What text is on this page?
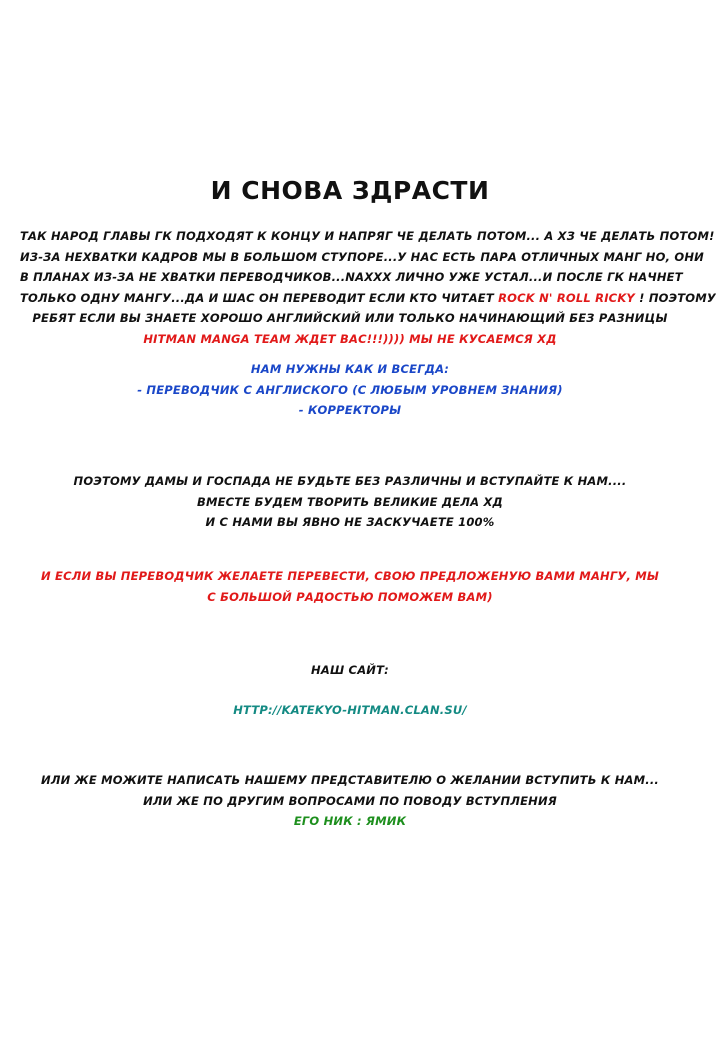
И СНОВА ЗДРАСТИ
ТАК НАРОД ГЛАВЫ ГК ПОДХОДЯТ К КОНЦУ И НАПРЯГ ЧЕ ДЕЛАТЬ ПОТОМ... А ХЗ ЧЕ ДЕЛАТЬ ПОТОМ!
ИЗ-ЗА НЕХВАТКИ КАДРОВ МЫ В БОЛЬШОМ СТУПОРЕ...У НАС ЕСТЬ ПАРА ОТЛИЧНЫХ МАНГ НО, ОНИ
В ПЛАНАХ ИЗ-ЗА НЕ ХВАТКИ ПЕРЕВОДЧИКОВ...NAXXX ЛИЧНО УЖЕ УСТАЛ...И ПОСЛЕ ГК НАЧНЕТ
ТОЛЬКО ОДНУ МАНГУ...ДА И ШАС ОН ПЕРЕВОДИТ ЕСЛИ КТО ЧИТАЕТ ROCK N' ROLL RICKY ! ПОЭТОМУ
РЕБЯТ ЕСЛИ ВЫ ЗНАЕТЕ ХОРОШО АНГЛИЙСКИЙ ИЛИ ТОЛЬКО НАЧИНАЮЩИЙ БЕЗ РАЗНИЦЫ
HITMAN MANGA TEAM ЖДЕТ ВАС!!!)))) МЫ НЕ КУСАЕМСЯ ХД
НАМ НУЖНЫ КАК И ВСЕГДА:
- ПЕРЕВОДЧИК С АНГЛИСКОГО (С ЛЮБЫМ УРОВНЕМ ЗНАНИЯ)
- КОРРЕКТОРЫ
ПОЭТОМУ ДАМЫ И ГОСПАДА НЕ БУДЬТЕ БЕЗ РАЗЛИЧНЫ И ВСТУПАЙТЕ К НАМ....
ВМЕСТЕ БУДЕМ ТВОРИТЬ ВЕЛИКИЕ ДЕЛА ХД
И С НАМИ ВЫ ЯВНО НЕ ЗАСКУЧАЕТЕ 100%
И ЕСЛИ ВЫ ПЕРЕВОДЧИК ЖЕЛАЕТЕ ПЕРЕВЕСТИ, СВОЮ ПРЕДЛОЖЕНУЮ ВАМИ МАНГУ, МЫ
С БОЛЬШОЙ РАДОСТЬЮ ПОМОЖЕМ ВАМ)
НАШ САЙТ:
HTTP://KATEKYO-HITMAN.CLAN.SU/
ИЛИ ЖЕ МОЖИТЕ НАПИСАТЬ НАШЕМУ ПРЕДСТАВИТЕЛЮ О ЖЕЛАНИИ ВСТУПИТЬ К НАМ...
ИЛИ ЖЕ ПО ДРУГИМ ВОПРОСАМИ ПО ПОВОДУ ВСТУПЛЕНИЯ
ЕГО НИК : ЯМИК
